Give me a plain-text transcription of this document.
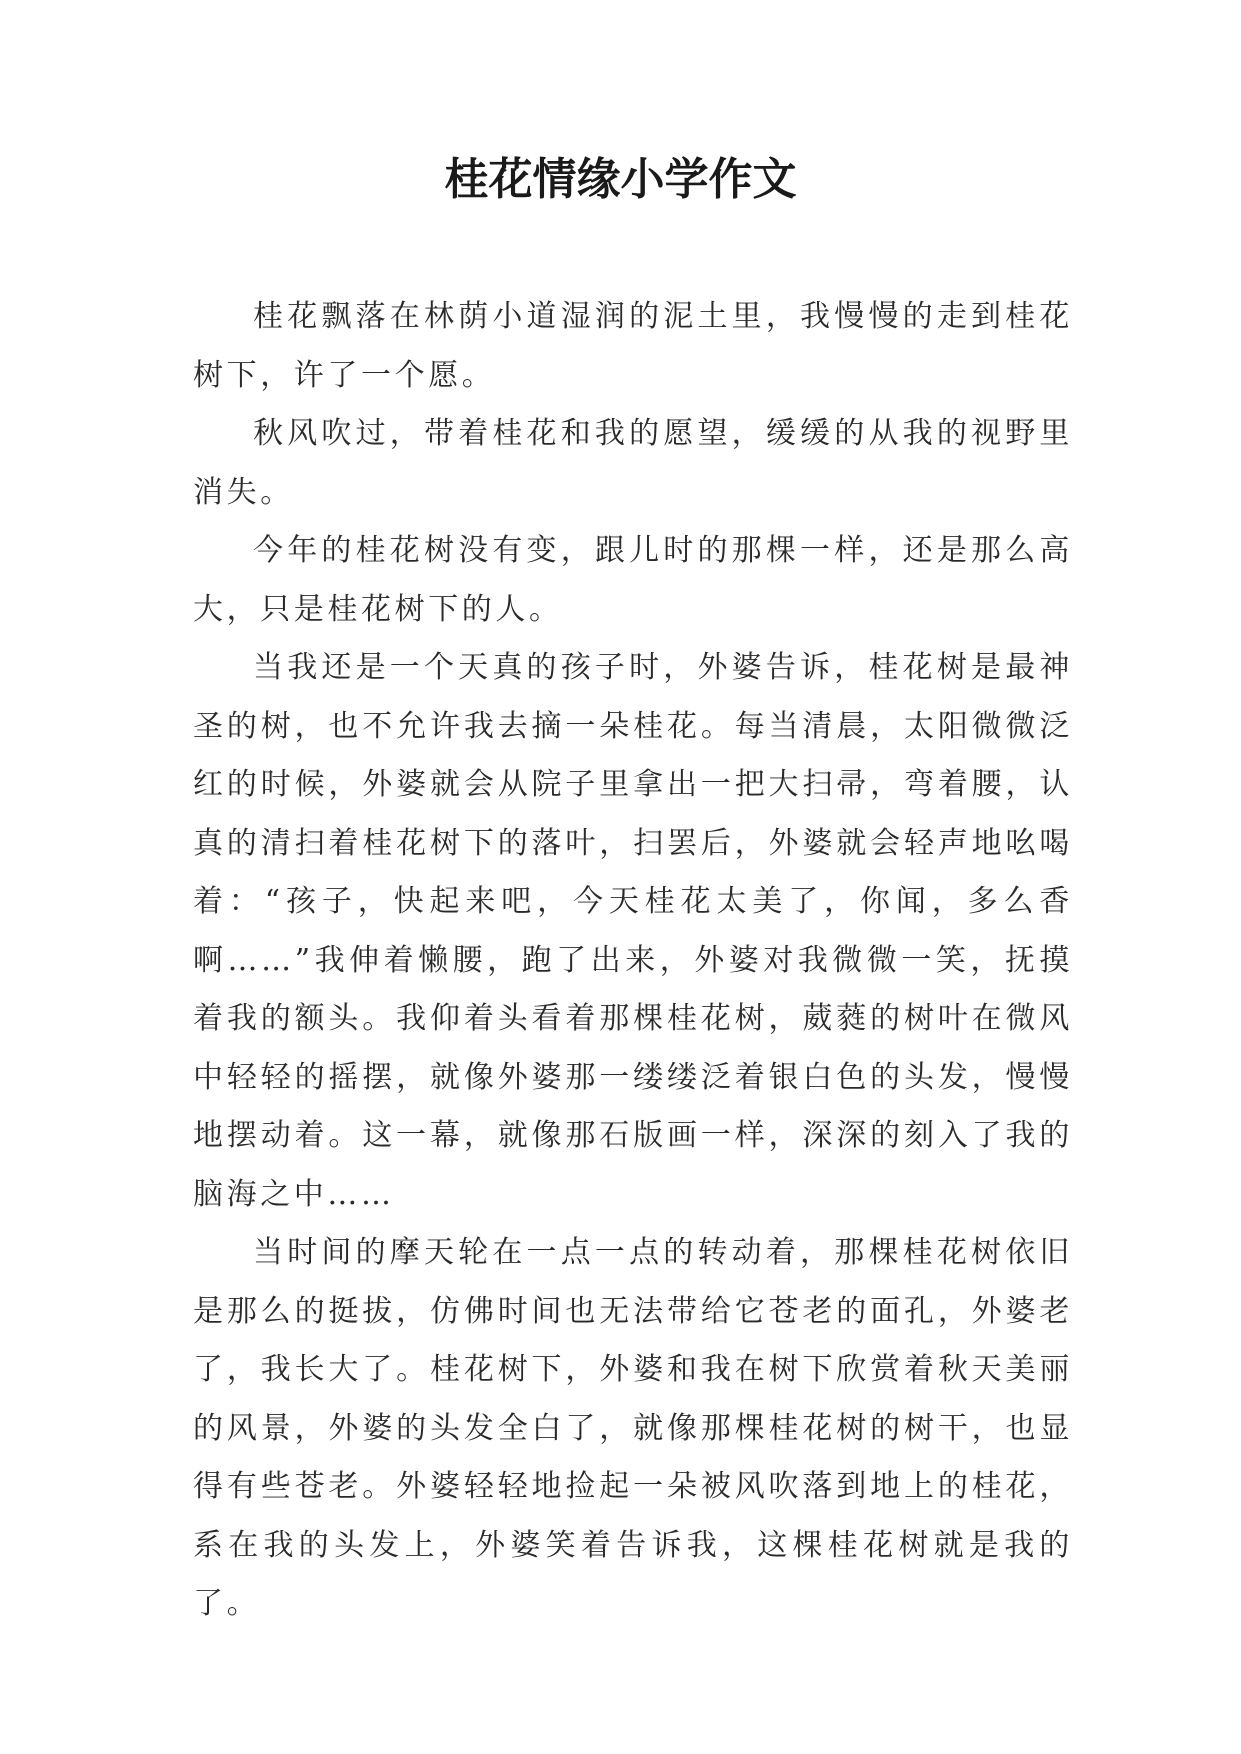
桂花情缘小学作文

桂花飘落在林荫小道湿润的泥土里，我慢慢的走到桂花树下，许了一个愿。

秋风吹过，带着桂花和我的愿望，缓缓的从我的视野里消失。

今年的桂花树没有变，跟儿时的那棵一样，还是那么高大，只是桂花树下的人。

当我还是一个天真的孩子时，外婆告诉，桂花树是最神圣的树，也不允许我去摘一朵桂花。每当清晨，太阳微微泛红的时候，外婆就会从院子里拿出一把大扫帚，弯着腰，认真的清扫着桂花树下的落叶，扫罢后，外婆就会轻声地吆喝着：“孩子，快起来吧，今天桂花太美了，你闻，多么香啊……”我伸着懒腰，跑了出来，外婆对我微微一笑，抚摸着我的额头。我仰着头看着那棵桂花树，葳蕤的树叶在微风中轻轻的摇摆，就像外婆那一缕缕泛着银白色的头发，慢慢地摆动着。这一幕，就像那石版画一样，深深的刻入了我的脑海之中……

当时间的摩天轮在一点一点的转动着，那棵桂花树依旧是那么的挺拔，仿佛时间也无法带给它苍老的面孔，外婆老了，我长大了。桂花树下，外婆和我在树下欣赏着秋天美丽的风景，外婆的头发全白了，就像那棵桂花树的树干，也显得有些苍老。外婆轻轻地捡起一朵被风吹落到地上的桂花，系在我的头发上，外婆笑着告诉我，这棵桂花树就是我的了。
